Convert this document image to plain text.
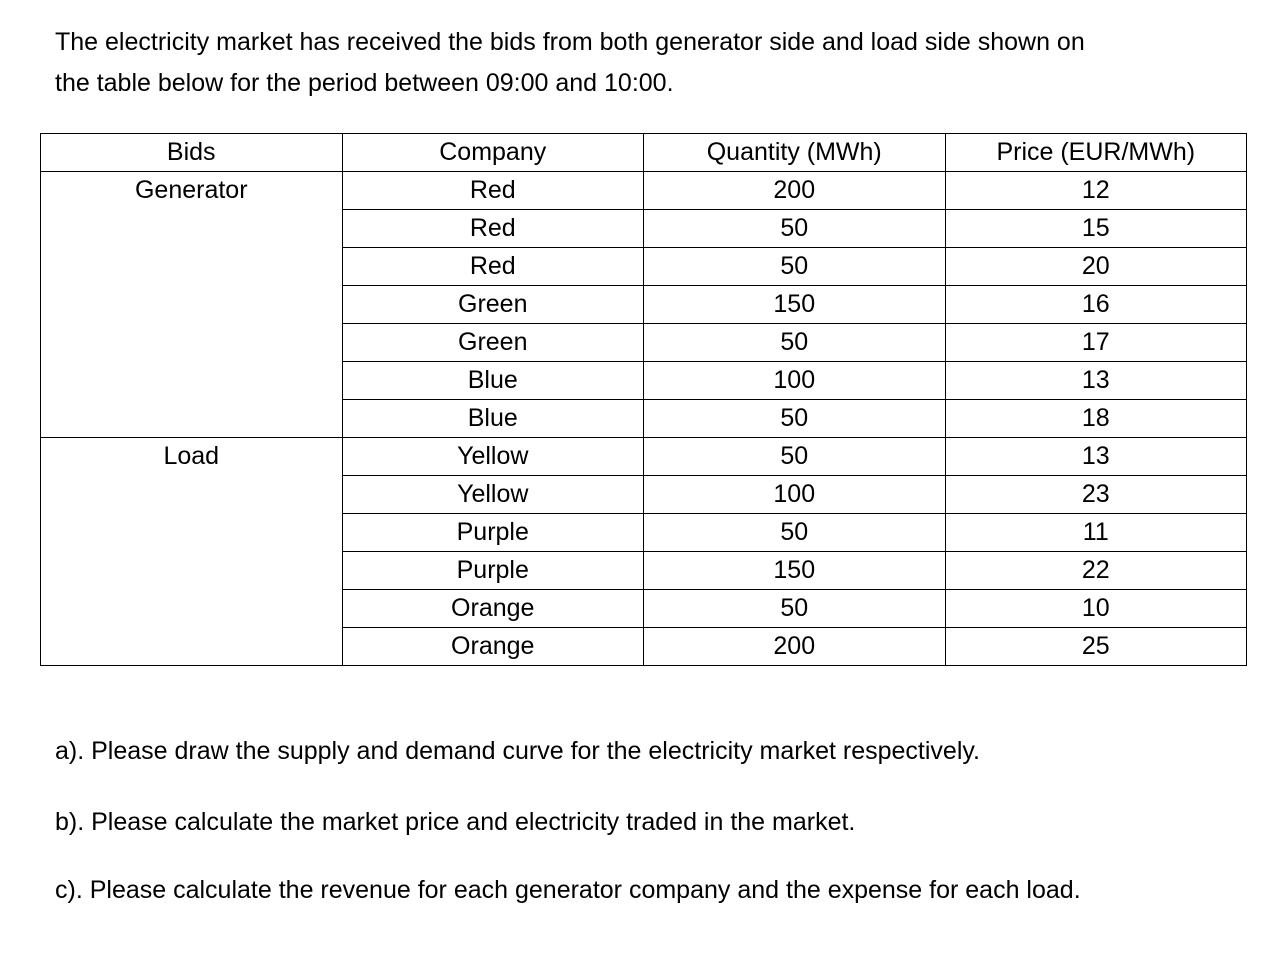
The electricity market has received the bids from both generator side and load side shown on

the table below for the period between 09:00 and 10:00.

Bids	Company	Quantity (MWh)	Price (EUR/MWh)
Generator	Red	200	12
	Red	50	15
	Red	50	20
	Green	150	16
	Green	50	17
	Blue	100	13
	Blue	50	18
Load	Yellow	50	13
	Yellow	100	23
	Purple	50	11
	Purple	150	22
	Orange	50	10
	Orange	200	25

a). Please draw the supply and demand curve for the electricity market respectively.

b). Please calculate the market price and electricity traded in the market.

c). Please calculate the revenue for each generator company and the expense for each load.
